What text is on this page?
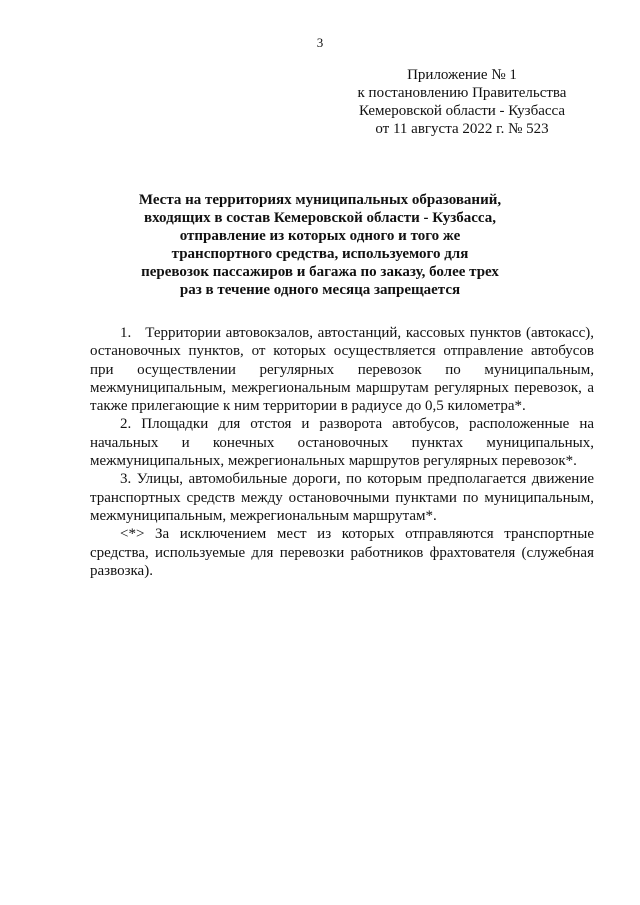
3
Приложение № 1
к постановлению Правительства
Кемеровской области - Кузбасса
от 11 августа 2022 г. № 523
Места на территориях муниципальных образований,
входящих в состав Кемеровской области - Кузбасса,
отправление из которых одного и того же
транспортного средства, используемого для
перевозок пассажиров и багажа по заказу, более трех
раз в течение одного месяца запрещается

1. Территории автовокзалов, автостанций, кассовых пунктов (автокасс), остановочных пунктов, от которых осуществляется отправление автобусов при осуществлении регулярных перевозок по муниципальным, межмуниципальным, межрегиональным маршрутам регулярных перевозок, а также прилегающие к ним территории в радиусе до 0,5 километра*.

2. Площадки для отстоя и разворота автобусов, расположенные на начальных и конечных остановочных пунктах муниципальных, межмуниципальных, межрегиональных маршрутов регулярных перевозок*.

3. Улицы, автомобильные дороги, по которым предполагается движение транспортных средств между остановочными пунктами по муниципальным, межмуниципальным, межрегиональным маршрутам*.

<*> За исключением мест из которых отправляются транспортные средства, используемые для перевозки работников фрахтователя (служебная развозка).
